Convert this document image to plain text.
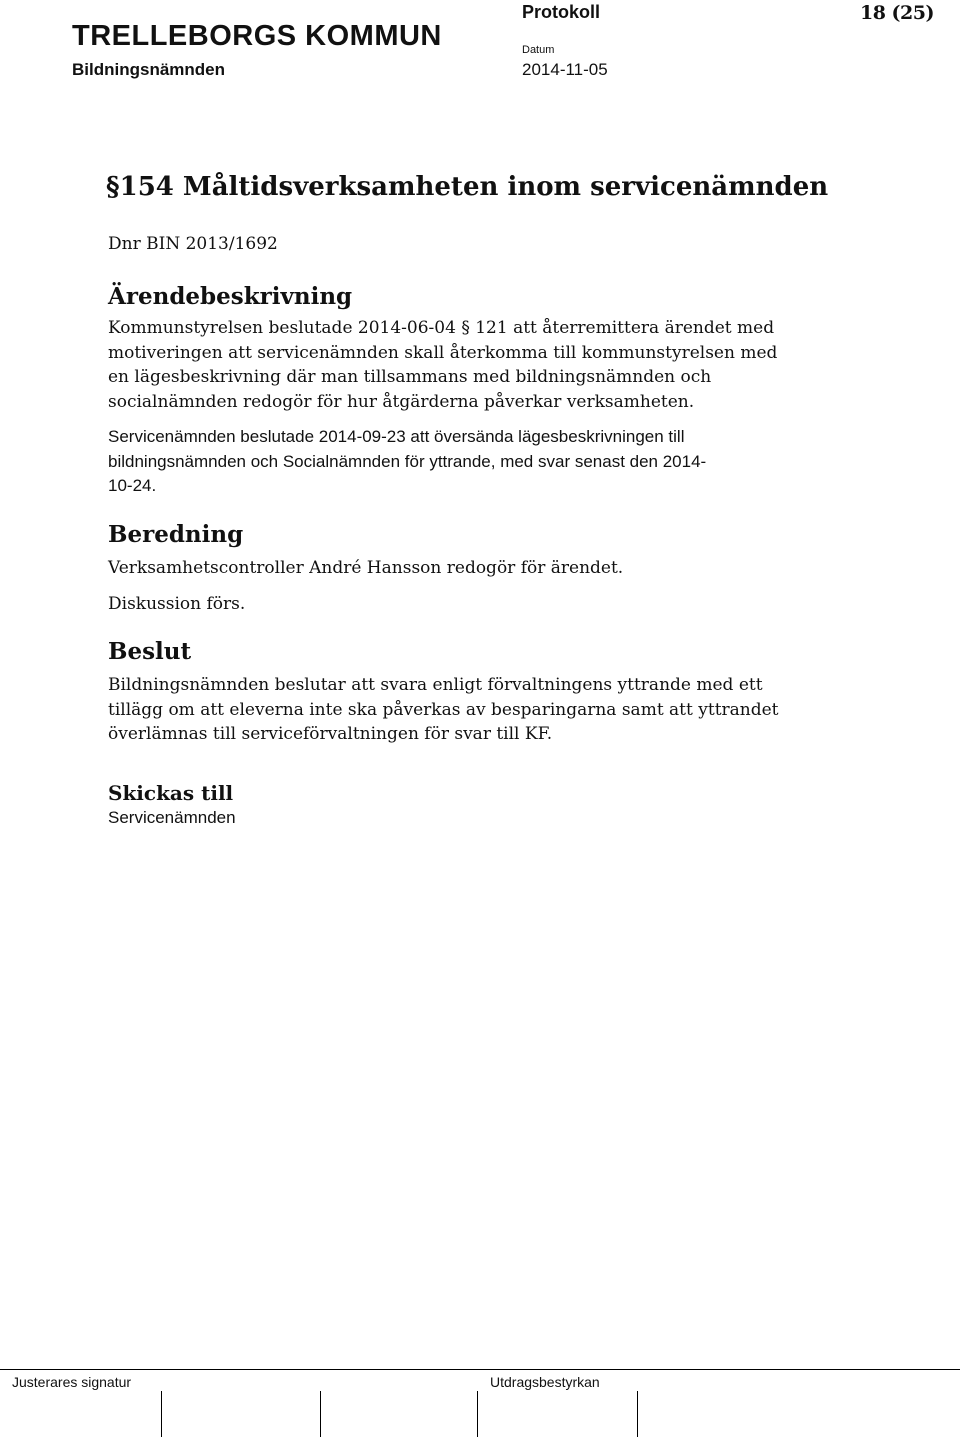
TRELLEBORGS KOMMUN
Bildningsnämnden
Protokoll	18 (25)
Datum
2014-11-05
§154 Måltidsverksamheten inom servicenämnden
Dnr BIN 2013/1692
Ärendebeskrivning
Kommunstyrelsen beslutade 2014-06-04 § 121 att återremittera ärendet med
motiveringen att servicenämnden skall återkomma till kommunstyrelsen med
en lägesbeskrivning där man tillsammans med bildningsnämnden och
socialnämnden redogör för hur åtgärderna påverkar verksamheten.
Servicenämnden beslutade 2014-09-23 att översända lägesbeskrivningen till
bildningsnämnden och Socialnämnden för yttrande, med svar senast den 2014-
10-24.
Beredning
Verksamhetscontroller André Hansson redogör för ärendet.
Diskussion förs.
Beslut
Bildningsnämnden beslutar att svara enligt förvaltningens yttrande med ett
tillägg om att eleverna inte ska påverkas av besparingarna samt att yttrandet
överlämnas till serviceförvaltningen för svar till KF.
Skickas till
Servicenämnden
Justerares signatur	Utdragsbestyrkan
